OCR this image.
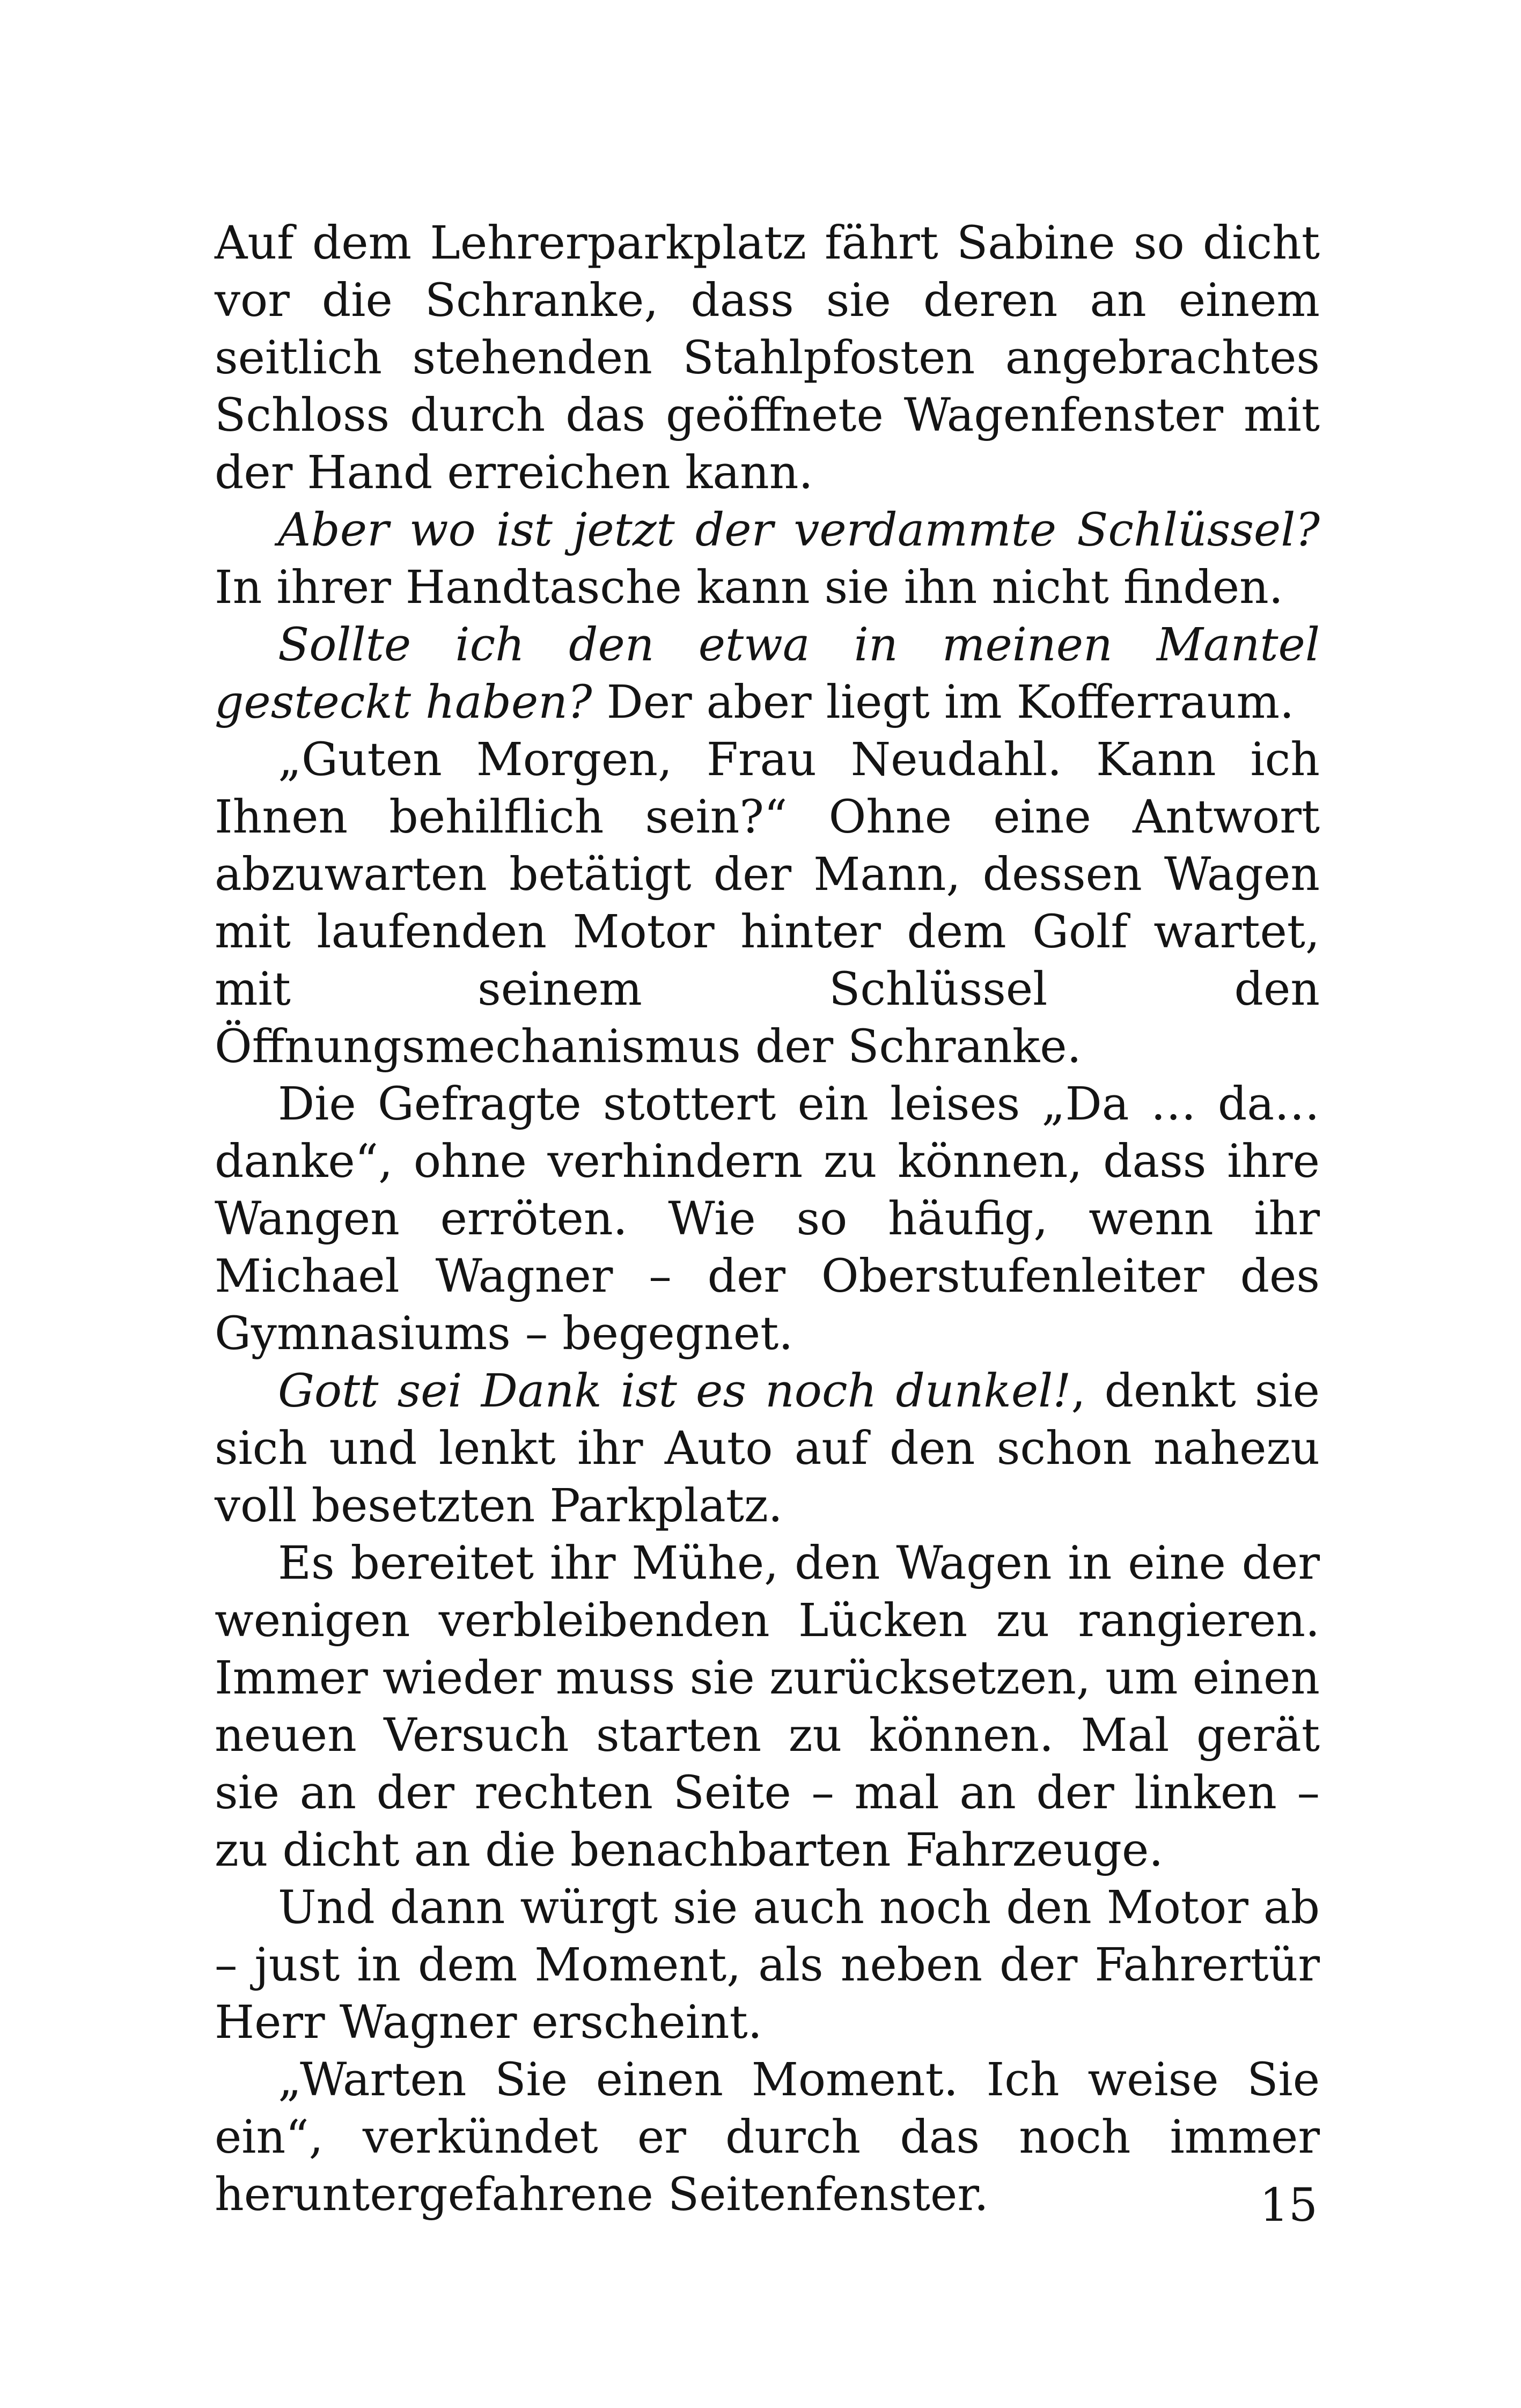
Auf dem Lehrerparkplatz fährt Sabine so dicht vor die Schranke, dass sie deren an einem seitlich stehenden Stahlpfosten angebrachtes Schloss durch das geöffnete Wagenfenster mit der Hand erreichen kann.

Aber wo ist jetzt der verdammte Schlüssel? In ihrer Handtasche kann sie ihn nicht finden.

Sollte ich den etwa in meinen Mantel gesteckt haben? Der aber liegt im Kofferraum.

„Guten Morgen, Frau Neudahl. Kann ich Ihnen behilflich sein?“ Ohne eine Antwort abzuwarten betätigt der Mann, dessen Wagen mit laufenden Motor hinter dem Golf wartet, mit seinem Schlüssel den Öffnungsmechanismus der Schranke.

Die Gefragte stottert ein leises „Da … da… danke“, ohne verhindern zu können, dass ihre Wangen erröten. Wie so häufig, wenn ihr Michael Wagner – der Oberstufenleiter des Gymnasiums – begegnet.

Gott sei Dank ist es noch dunkel!, denkt sie sich und lenkt ihr Auto auf den schon nahezu voll besetzten Parkplatz.

Es bereitet ihr Mühe, den Wagen in eine der wenigen verbleibenden Lücken zu rangieren. Immer wieder muss sie zurücksetzen, um einen neuen Versuch starten zu können. Mal gerät sie an der rechten Seite – mal an der linken – zu dicht an die benachbarten Fahrzeuge.

Und dann würgt sie auch noch den Motor ab – just in dem Moment, als neben der Fahrertür Herr Wagner erscheint.

„Warten Sie einen Moment. Ich weise Sie ein“, verkündet er durch das noch immer heruntergefahrene Seitenfenster.	15
